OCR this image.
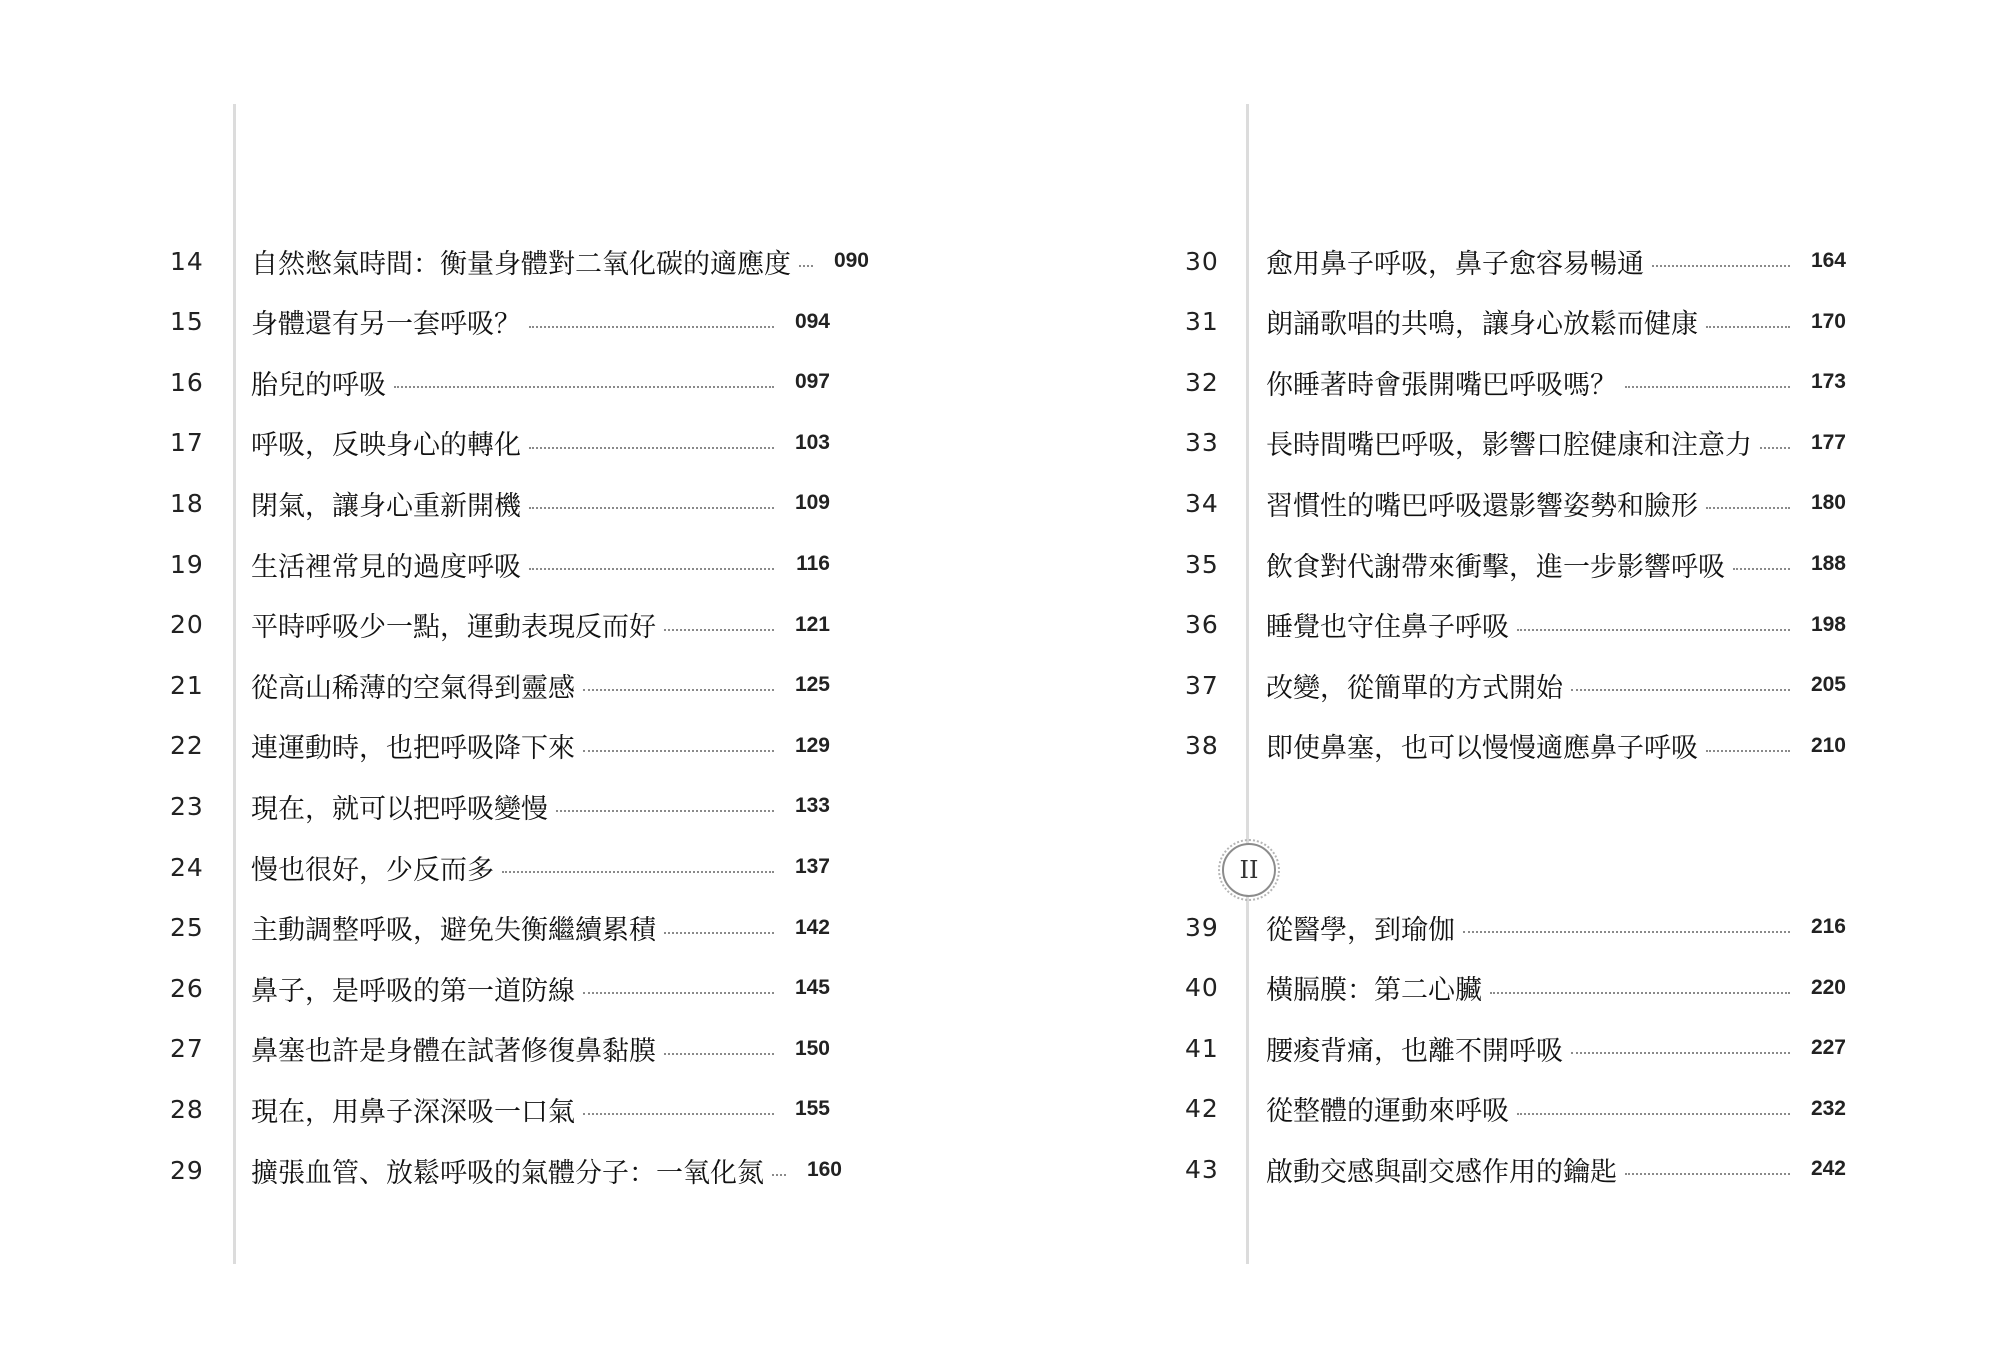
14	自然憋氣時間：衡量身體對二氧化碳的適應度	090
15	身體還有另一套呼吸？	094
16	胎兒的呼吸	097
17	呼吸，反映身心的轉化	103
18	閉氣，讓身心重新開機	109
19	生活裡常見的過度呼吸	116
20	平時呼吸少一點，運動表現反而好	121
21	從高山稀薄的空氣得到靈感	125
22	連運動時，也把呼吸降下來	129
23	現在，就可以把呼吸變慢	133
24	慢也很好，少反而多	137
25	主動調整呼吸，避免失衡繼續累積	142
26	鼻子，是呼吸的第一道防線	145
27	鼻塞也許是身體在試著修復鼻黏膜	150
28	現在，用鼻子深深吸一口氣	155
29	擴張血管、放鬆呼吸的氣體分子：一氧化氮	160
II
30	愈用鼻子呼吸，鼻子愈容易暢通	164
31	朗誦歌唱的共鳴，讓身心放鬆而健康	170
32	你睡著時會張開嘴巴呼吸嗎？	173
33	長時間嘴巴呼吸，影響口腔健康和注意力	177
34	習慣性的嘴巴呼吸還影響姿勢和臉形	180
35	飲食對代謝帶來衝擊，進一步影響呼吸	188
36	睡覺也守住鼻子呼吸	198
37	改變，從簡單的方式開始	205
38	即使鼻塞，也可以慢慢適應鼻子呼吸	210
39	從醫學，到瑜伽	216
40	橫膈膜：第二心臟	220
41	腰痠背痛，也離不開呼吸	227
42	從整體的運動來呼吸	232
43	啟動交感與副交感作用的鑰匙	242
